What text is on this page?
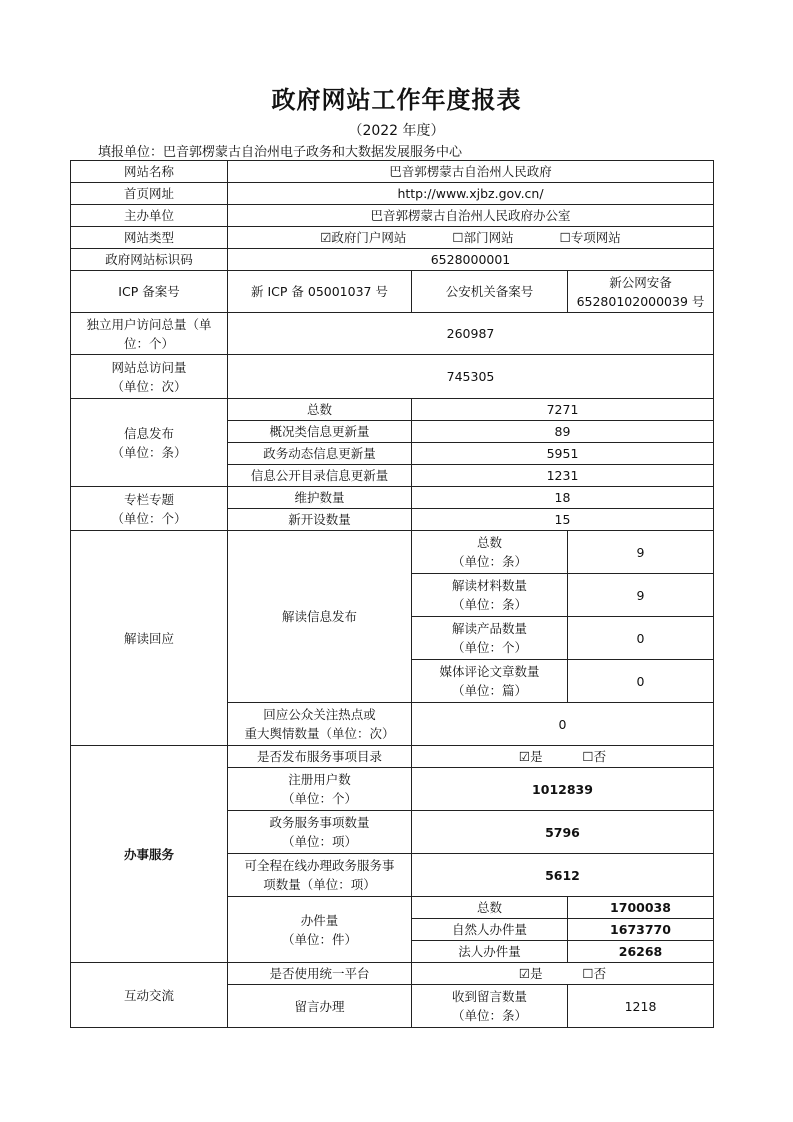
政府网站工作年度报表
（2022 年度）
填报单位：巴音郭楞蒙古自治州电子政务和大数据发展服务中心
网站名称	巴音郭楞蒙古自治州人民政府		
首页网址	http://www.xjbz.gov.cn/		
主办单位	巴音郭楞蒙古自治州人民政府办公室		
网站类型	☑政府门户网站 ☐部门网站 ☐专项网站		
政府网站标识码	6528000001		
ICP 备案号	新 ICP 备 05001037 号	公安机关备案号	新公网安备
65280102000039 号
独立用户访问总量（单
位：个）	260987		
网站总访问量
（单位：次）	745305		
信息发布
（单位：条）	总数	7271	
	概况类信息更新量	89	
	政务动态信息更新量	5951	
	信息公开目录信息更新量	1231	
专栏专题
（单位：个）	维护数量	18	
	新开设数量	15	
解读回应	解读信息发布	总数
（单位：条）	9
		解读材料数量
（单位：条）	9
		解读产品数量
（单位：个）	0
		媒体评论文章数量
（单位：篇）	0
	回应公众关注热点或
重大舆情数量（单位：次）	0	
办事服务	是否发布服务事项目录	☑是          ☐否	
	注册用户数
（单位：个）	1012839	
	政务服务事项数量
（单位：项）	5796	
	可全程在线办理政务服务事
项数量（单位：项）	5612	
	办件量
（单位：件）	总数	1700038
		自然人办件量	1673770
		法人办件量	26268
互动交流	是否使用统一平台	☑是          ☐否	
	留言办理	收到留言数量
（单位：条）	1218
